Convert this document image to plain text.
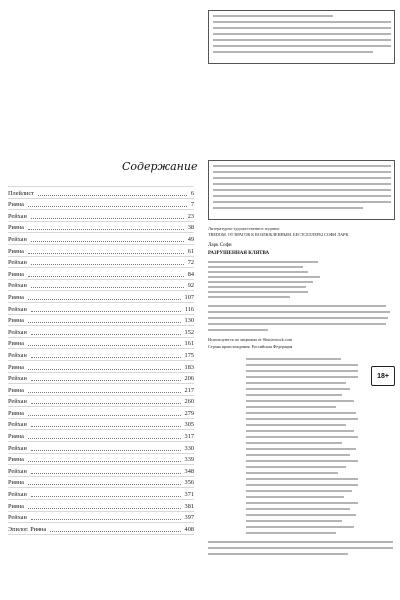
Содержание
Плейлист	6
Рияна	7
Рейхан	23
Рияна	38
Рейхан	49
Рияна	61
Рейхан	72
Рияна	84
Рейхан	92
Рияна	107
Рейхан	116
Рияна	130
Рейхан	152
Рияна	161
Рейхан	175
Рияна	183
Рейхан	206
Рияна	217
Рейхан	260
Рияна	279
Рейхан	305
Рияна	317
Рейхан	330
Рияна	339
Рейхан	348
Рияна	356
Рейхан	371
Рияна	381
Рейхан	397
Эпилог. Рияна	408
Литературно-художественное издание
TREDOM. ОТ ВРАГОВ К ВОЗЛЮБЛЕННЫМ. БЕСТСЕЛЛЕРЫ СОФИ ЛАРК
Ларк Софи
РАЗРУШЕННАЯ КЛЯТВА
Используются по лицензии от Shutterstock.com
Страна происхождения: Российская Федерация
18+
